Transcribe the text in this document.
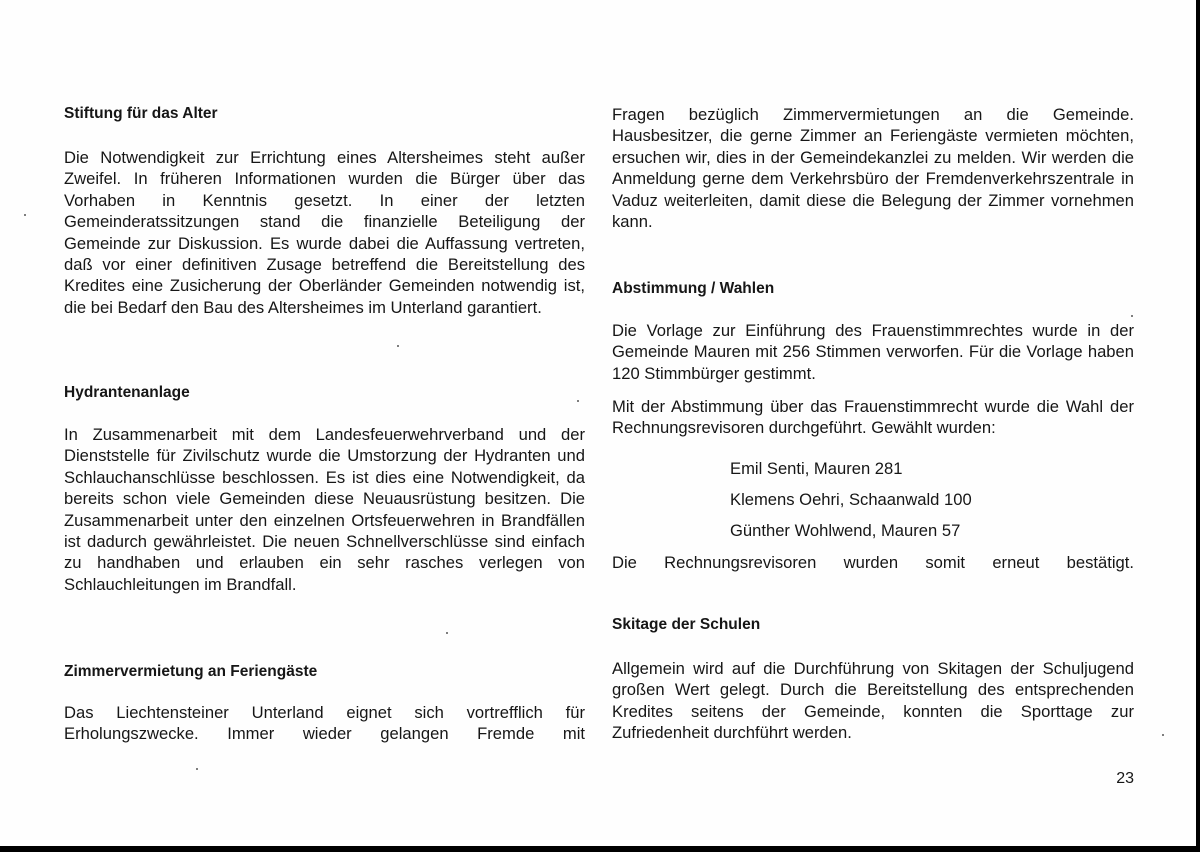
Stiftung für das Alter

Die Notwendigkeit zur Errichtung eines Altersheimes steht außer Zweifel. In früheren Informationen wurden die Bürger über das Vorhaben in Kenntnis gesetzt. In einer der letzten Gemeinderatssitzungen stand die finanzielle Beteiligung der Gemeinde zur Diskussion. Es wurde dabei die Auffassung vertreten, daß vor einer definitiven Zusage betreffend die Bereitstellung des Kredites eine Zusicherung der Oberländer Gemeinden notwendig ist, die bei Bedarf den Bau des Altersheimes im Unterland garantiert.

Hydrantenanlage

In Zusammenarbeit mit dem Landesfeuerwehrverband und der Dienststelle für Zivilschutz wurde die Umstorzung der Hydranten und Schlauchanschlüsse beschlossen. Es ist dies eine Notwendigkeit, da bereits schon viele Gemeinden diese Neuausrüstung besitzen. Die Zusammenarbeit unter den einzelnen Ortsfeuerwehren in Brandfällen ist dadurch gewährleistet. Die neuen Schnellverschlüsse sind einfach zu handhaben und erlauben ein sehr rasches verlegen von Schlauchleitungen im Brandfall.

Zimmervermietung an Feriengäste

Das Liechtensteiner Unterland eignet sich vortrefflich für Erholungszwecke. Immer wieder gelangen Fremde mit

Fragen bezüglich Zimmervermietungen an die Gemeinde. Hausbesitzer, die gerne Zimmer an Feriengäste vermieten möchten, ersuchen wir, dies in der Gemeindekanzlei zu melden. Wir werden die Anmeldung gerne dem Verkehrsbüro der Fremdenverkehrszentrale in Vaduz weiterleiten, damit diese die Belegung der Zimmer vornehmen kann.

Abstimmung / Wahlen

Die Vorlage zur Einführung des Frauenstimmrechtes wurde in der Gemeinde Mauren mit 256 Stimmen verworfen. Für die Vorlage haben 120 Stimmbürger gestimmt.

Mit der Abstimmung über das Frauenstimmrecht wurde die Wahl der Rechnungsrevisoren durchgeführt. Gewählt wurden:

Emil Senti, Mauren 281

Klemens Oehri, Schaanwald 100

Günther Wohlwend, Mauren 57

Die Rechnungsrevisoren wurden somit erneut bestätigt.

Skitage der Schulen

Allgemein wird auf die Durchführung von Skitagen der Schuljugend großen Wert gelegt. Durch die Bereitstellung des entsprechenden Kredites seitens der Gemeinde, konnten die Sporttage zur Zufriedenheit durchführt werden.

23
